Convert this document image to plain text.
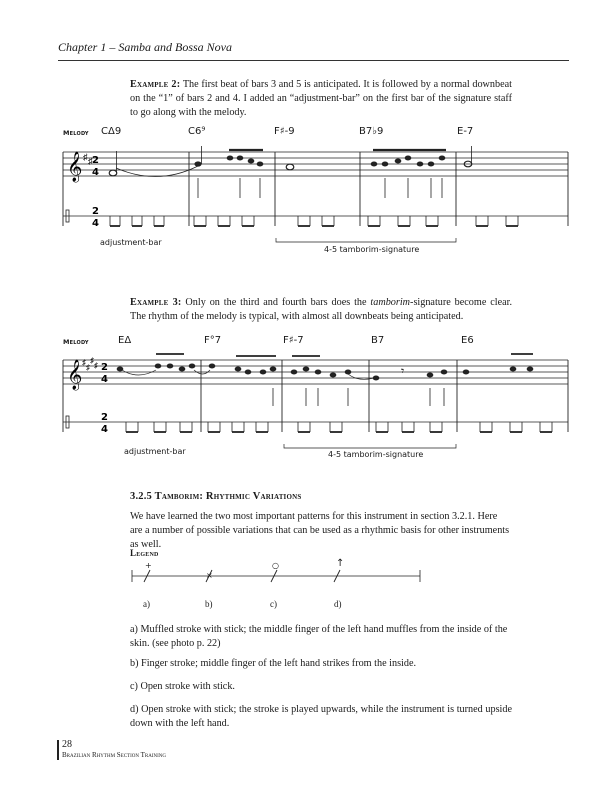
Chapter 1 – Samba and Bossa Nova
Example 2: The first beat of bars 3 and 5 is anticipated. It is followed by a normal downbeat on the “1” of bars 2 and 4. I added an “adjustment-bar” on the first bar of the signature staff to go along with the melody.
Melody CΔ9	C6⁹	F♯-9	B7♭9	E-7
𝄞 ♯ ♯ 2
4
2
4
adjustment-bar
4-5 tamborim-signature
Example 3: Only on the third and fourth bars does the tamborim-signature become clear. The rhythm of the melody is typical, with almost all downbeats being anticipated.
Melody	EΔ	F°7	F♯-7	B7	E6
𝄞 ♯
♯
♯
♯ 2
4
2
4
𝄾
adjustment-bar	4-5 tamborim-signature
3.2.5 Tamborim: Rhythmic Variations
We have learned the two most important patterns for this instrument in section 3.2.1. Here are a number of possible variations that can be used as a rhythmic basis for other instruments as well.
Legend
+
×
○	↑
a)	b)	c)	d)
a) Muffled stroke with stick; the middle finger of the left hand muffles from the inside of the skin. (see photo p. 22)
b) Finger stroke; middle finger of the left hand strikes from the inside.
c) Open stroke with stick.
d) Open stroke with stick; the stroke is played upwards, while the instrument is turned upside down with the left hand.
28
Brazilian Rhythm Section Training
